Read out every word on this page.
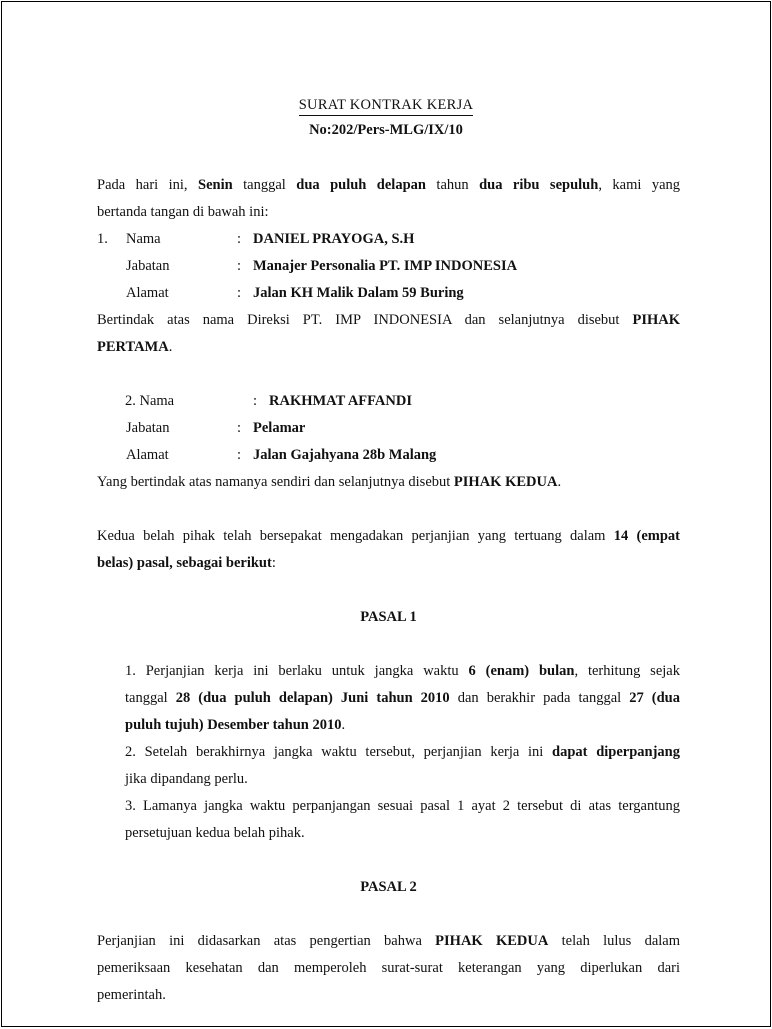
SURAT KONTRAK KERJA
No:202/Pers-MLG/IX/10
Pada hari ini, Senin tanggal dua puluh delapan tahun dua ribu sepuluh, kami yang
bertanda tangan di bawah ini:
1.	Nama	: DANIEL PRAYOGA, S.H
Jabatan	: Manajer Personalia PT. IMP INDONESIA
Alamat	: Jalan KH Malik Dalam 59 Buring
Bertindak atas nama Direksi PT. IMP INDONESIA dan selanjutnya disebut PIHAK
PERTAMA.
2. Nama	: RAKHMAT AFFANDI
Jabatan	: Pelamar
Alamat	: Jalan Gajahyana 28b Malang
Yang bertindak atas namanya sendiri dan selanjutnya disebut PIHAK KEDUA.
Kedua belah pihak telah bersepakat mengadakan perjanjian yang tertuang dalam 14 (empat
belas) pasal, sebagai berikut:
PASAL 1
1. Perjanjian kerja ini berlaku untuk jangka waktu 6 (enam) bulan, terhitung sejak
tanggal 28 (dua puluh delapan) Juni tahun 2010 dan berakhir pada tanggal 27 (dua
puluh tujuh) Desember tahun 2010.
2. Setelah berakhirnya jangka waktu tersebut, perjanjian kerja ini dapat diperpanjang
jika dipandang perlu.
3. Lamanya jangka waktu perpanjangan sesuai pasal 1 ayat 2 tersebut di atas tergantung
persetujuan kedua belah pihak.
PASAL 2
Perjanjian ini didasarkan atas pengertian bahwa PIHAK KEDUA telah lulus dalam
pemeriksaan kesehatan dan memperoleh surat-surat keterangan yang diperlukan dari
pemerintah.
